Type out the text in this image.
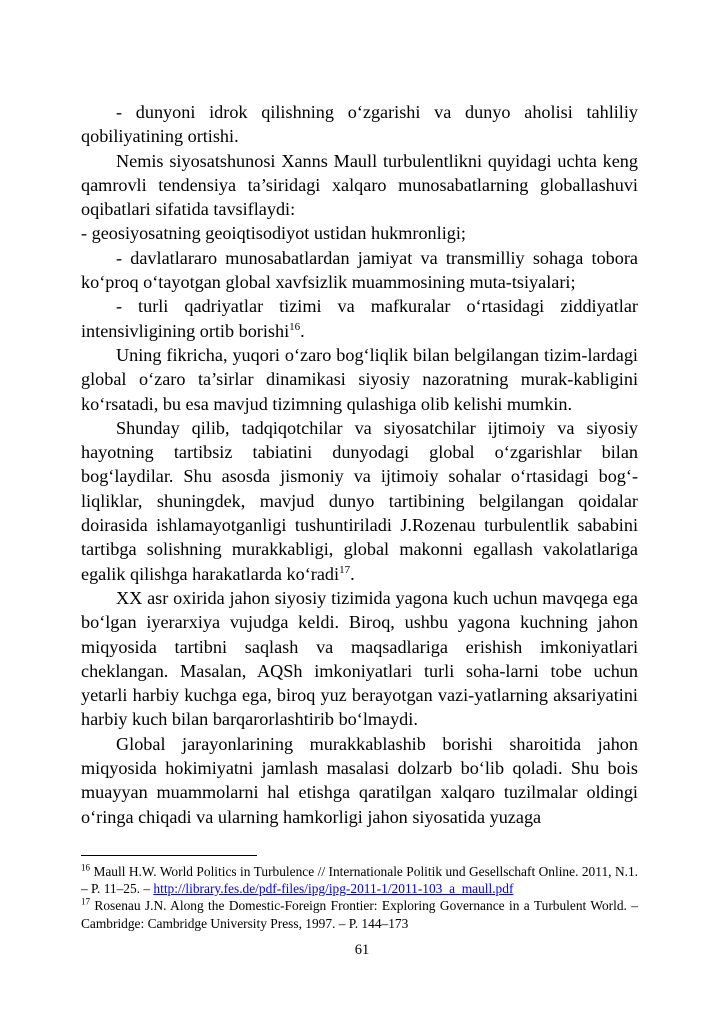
- dunyoni idrok qilishning o‘zgarishi va dunyo aholisi tahliliy qobiliyatining ortishi.

Nemis siyosatshunosi Xanns Maull turbulentlikni quyidagi uchta keng qamrovli tendensiya ta’siridagi xalqaro munosabatlarning globallashuvi oqibatlari sifatida tavsiflaydi:

- geosiyosatning geoiqtisodiyot ustidan hukmronligi;

- davlatlararo munosabatlardan jamiyat va transmilliy sohaga tobora ko‘proq o‘tayotgan global xavfsizlik muammosining muta-tsiyalari;

- turli qadriyatlar tizimi va mafkuralar o‘rtasidagi ziddiyatlar intensivligining ortib borishi$^{16}$.

Uning fikricha, yuqori o‘zaro bog‘liqlik bilan belgilangan tizim-lardagi global o‘zaro ta’sirlar dinamikasi siyosiy nazoratning murak-kabligini ko‘rsatadi, bu esa mavjud tizimning qulashiga olib kelishi mumkin.

Shunday qilib, tadqiqotchilar va siyosatchilar ijtimoiy va siyosiy hayotning tartibsiz tabiatini dunyodagi global o‘zgarishlar bilan bog‘laydilar. Shu asosda jismoniy va ijtimoiy sohalar o‘rtasidagi bog‘-liqliklar, shuningdek, mavjud dunyo tartibining belgilangan qoidalar doirasida ishlamayotganligi tushuntiriladi J.Rozenau turbulentlik sababini tartibga solishning murakkabligi, global makonni egallash vakolatlariga egalik qilishga harakatlarda ko‘radi$^{17}$.

XX asr oxirida jahon siyosiy tizimida yagona kuch uchun mavqega ega bo‘lgan iyerarxiya vujudga keldi. Biroq, ushbu yagona kuchning jahon miqyosida tartibni saqlash va maqsadlariga erishish imkoniyatlari cheklangan. Masalan, AQSh imkoniyatlari turli soha-larni tobe uchun yetarli harbiy kuchga ega, biroq yuz berayotgan vazi-yatlarning aksariyatini harbiy kuch bilan barqarorlashtirib bo‘lmaydi.

Global jarayonlarining murakkablashib borishi sharoitida jahon miqyosida hokimiyatni jamlash masalasi dolzarb bo‘lib qoladi. Shu bois muayyan muammolarni hal etishga qaratilgan xalqaro tuzilmalar oldingi o‘ringa chiqadi va ularning hamkorligi jahon siyosatida yuzaga

$^{16}$ Maull H.W. World Politics in Turbulence // Internationale Politik und Gesellschaft Online. 2011, N.1. – P. 11–25. – http://library.fes.de/pdf-files/ipg/ipg-2011-1/2011-103_a_maull.pdf

$^{17}$ Rosenau J.N. Along the Domestic-Foreign Frontier: Exploring Governance in a Turbulent World. – Cambridge: Cambridge University Press, 1997. – P. 144–173

61
